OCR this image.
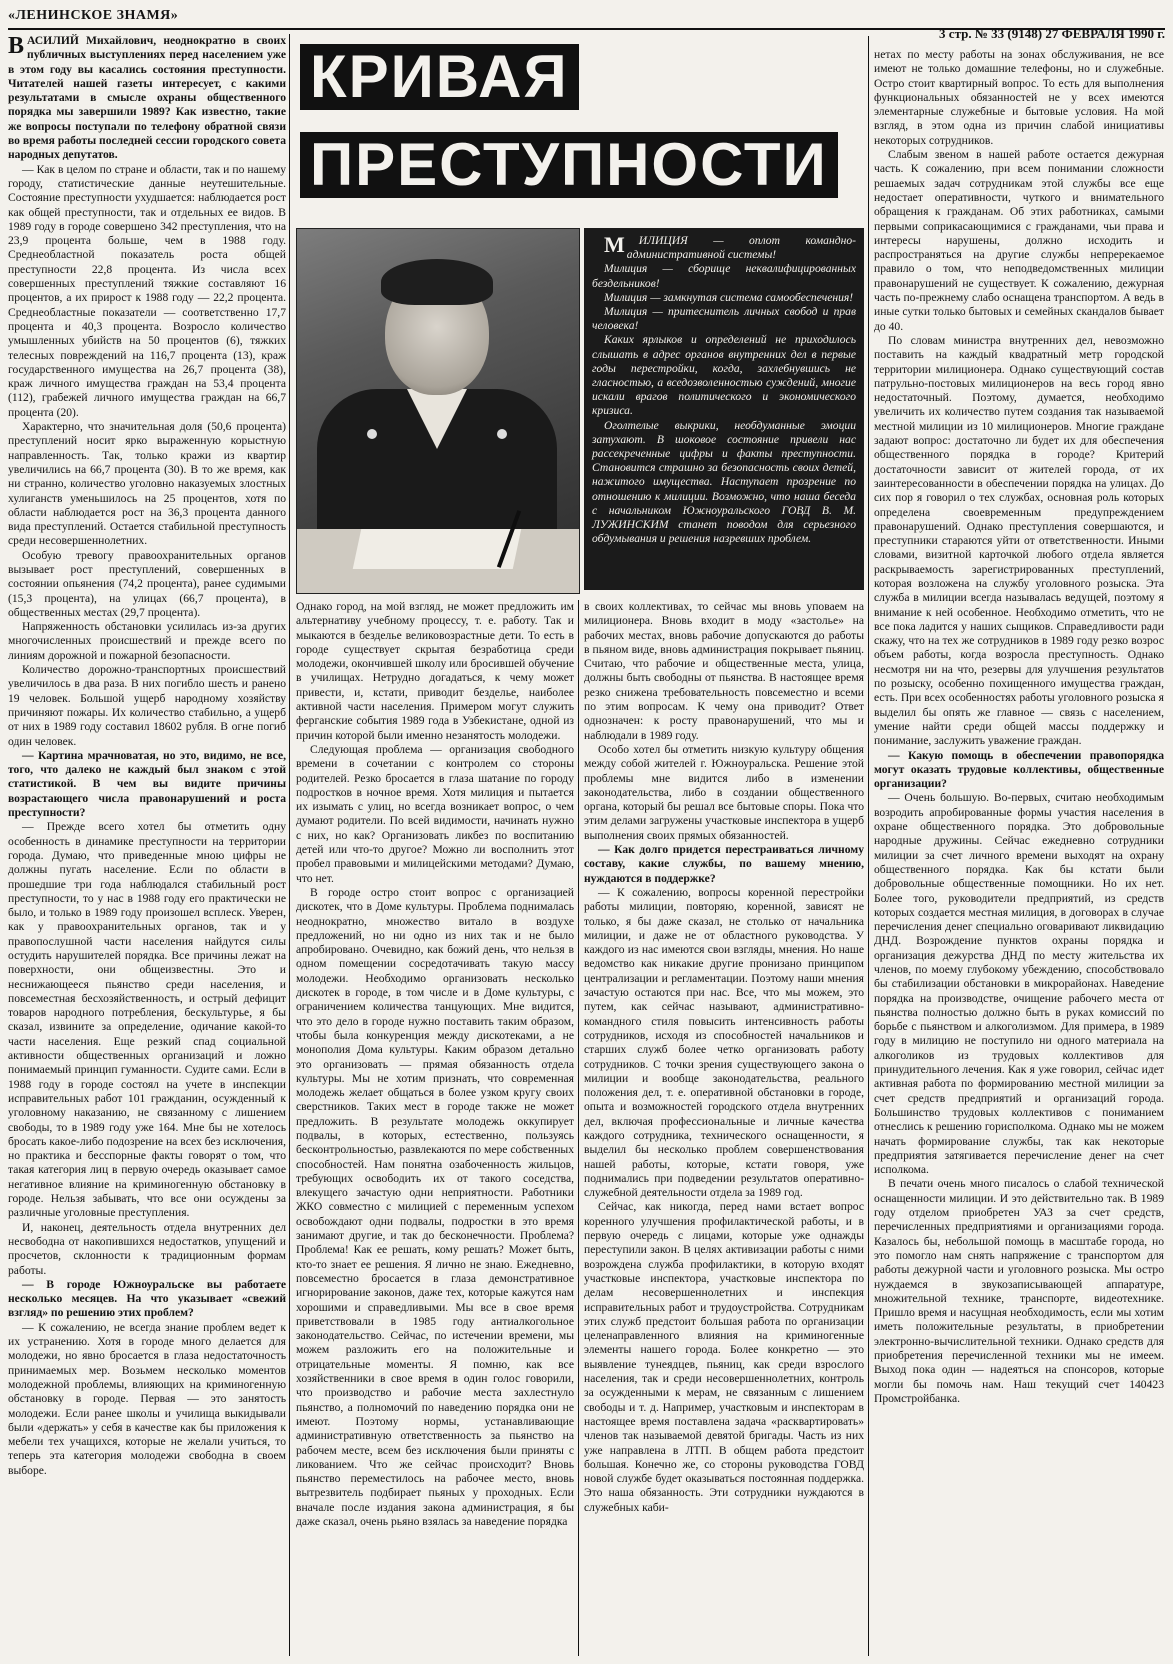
«ЛЕНИНСКОЕ ЗНАМЯ»
3 стр. № 33 (9148) 27 ФЕВРАЛЯ 1990 г.
КРИВАЯ
ПРЕСТУПНОСТИ

М ИЛИЦИЯ — оплот командно-административной системы!

Милиция — сборище неквалифицированных бездельников!

Милиция — замкнутая система самообеспечения!

Милиция — притеснитель личных свобод и прав человека!

Каких ярлыков и определений не приходилось слышать в адрес органов внутренних дел в первые годы перестройки, когда, захлебнувшись не гласностью, а вседозволенностью суждений, многие искали врагов политического и экономического кризиса.

Оголтелые выкрики, необдуманные эмоции затухают. В шоковое состояние привели нас рассекреченные цифры и факты преступности. Становится страшно за безопасность своих детей, нажитого имущества. Наступает прозрение по отношению к милиции. Возможно, что наша беседа с начальником Южноуральского ГОВД В. М. ЛУЖИНСКИМ станет поводом для серьезного обдумывания и решения назревших проблем.

ВАСИЛИЙ Михайлович, неоднократно в своих публичных выступлениях перед населением уже в этом году вы касались состояния преступности. Читателей нашей газеты интересует, с какими результатами в смысле охраны общественного порядка мы завершили 1989? Как известно, такие же вопросы поступали по телефону обратной связи во время работы последней сессии городского совета народных депутатов.

— Как в целом по стране и области, так и по нашему городу, статистические данные неутешительные. Состояние преступности ухудшается: наблюдается рост как общей преступности, так и отдельных ее видов. В 1989 году в городе совершено 342 преступления, что на 23,9 процента больше, чем в 1988 году. Среднеобластной показатель роста общей преступности 22,8 процента. Из числа всех совершенных преступлений тяжкие составляют 16 процентов, а их прирост к 1988 году — 22,2 процента. Среднеобластные показатели — соответственно 17,7 процента и 40,3 процента. Возросло количество умышленных убийств на 50 процентов (6), тяжких телесных повреждений на 116,7 процента (13), краж государственного имущества на 26,7 процента (38), краж личного имущества граждан на 53,4 процента (112), грабежей личного имущества граждан на 66,7 процента (20).

Характерно, что значительная доля (50,6 процента) преступлений носит ярко выраженную корыстную направленность. Так, только кражи из квартир увеличились на 66,7 процента (30). В то же время, как ни странно, количество уголовно наказуемых злостных хулиганств уменьшилось на 25 процентов, хотя по области наблюдается рост на 36,3 процента данного вида преступлений. Остается стабильной преступность среди несовершеннолетних.

Особую тревогу правоохранительных органов вызывает рост преступлений, совершенных в состоянии опьянения (74,2 процента), ранее судимыми (15,3 процента), на улицах (66,7 процента), в общественных местах (29,7 процента).

Напряженность обстановки усилилась из-за других многочисленных происшествий и прежде всего по линиям дорожной и пожарной безопасности.

Количество дорожно-транспортных происшествий увеличилось в два раза. В них погибло шесть и ранено 19 человек. Большой ущерб народному хозяйству причиняют пожары. Их количество стабильно, а ущерб от них в 1989 году составил 18602 рубля. В огне погиб один человек.

— Картина мрачноватая, но это, видимо, не все, того, что далеко не каждый был знаком с этой статистикой. В чем вы видите причины возрастающего числа правонарушений и роста преступности?

— Прежде всего хотел бы отметить одну особенность в динамике преступности на территории города. Думаю, что приведенные мною цифры не должны пугать население. Если по области в прошедшие три года наблюдался стабильный рост преступности, то у нас в 1988 году его практически не было, и только в 1989 году произошел всплеск. Уверен, как у правоохранительных органов, так и у правопослушной части населения найдутся силы остудить нарушителей порядка. Все причины лежат на поверхности, они общеизвестны. Это и неснижающееся пьянство среди населения, и повсеместная бесхозяйственность, и острый дефицит товаров народного потребления, бескультурье, я бы сказал, извините за определение, одичание какой-то части населения. Еще резкий спад социальной активности общественных организаций и ложно понимаемый принцип гуманности. Судите сами. Если в 1988 году в городе состоял на учете в инспекции исправительных работ 101 гражданин, осужденный к уголовному наказанию, не связанному с лишением свободы, то в 1989 году уже 164. Мне бы не хотелось бросать какое-либо подозрение на всех без исключения, но практика и бесспорные факты говорят о том, что такая категория лиц в первую очередь оказывает самое негативное влияние на криминогенную обстановку в городе. Нельзя забывать, что все они осуждены за различные уголовные преступления.

И, наконец, деятельность отдела внутренних дел несвободна от накопившихся недостатков, упущений и просчетов, склонности к традиционным формам работы.

— В городе Южноуральске вы работаете несколько месяцев. На что указывает «свежий взгляд» по решению этих проблем?

— К сожалению, не всегда знание проблем ведет к их устранению. Хотя в городе много делается для молодежи, но явно бросается в глаза недостаточность принимаемых мер. Возьмем несколько моментов молодежной проблемы, влияющих на криминогенную обстановку в городе. Первая — это занятость молодежи. Если ранее школы и училища выкидывали были «держать» у себя в качестве как бы приложения к мебели тех учащихся, которые не желали учиться, то теперь эта категория молодежи свободна в своем выборе.

Однако город, на мой взгляд, не может предложить им альтернативу учебному процессу, т. е. работу. Так и мыкаются в безделье великовозрастные дети. То есть в городе существует скрытая безработица среди молодежи, окончившей школу или бросившей обучение в училищах. Нетрудно догадаться, к чему может привести, и, кстати, приводит безделье, наиболее активной части населения. Примером могут служить ферганские события 1989 года в Узбекистане, одной из причин которой были именно незанятость молодежи.

Следующая проблема — организация свободного времени в сочетании с контролем со стороны родителей. Резко бросается в глаза шатание по городу подростков в ночное время. Хотя милиция и пытается их изымать с улиц, но всегда возникает вопрос, о чем думают родители. По всей видимости, начинать нужно с них, но как? Организовать ликбез по воспитанию детей или что-то другое? Можно ли восполнить этот пробел правовыми и милицейскими методами? Думаю, что нет.

В городе остро стоит вопрос с организацией дискотек, что в Доме культуры. Проблема поднималась неоднократно, множество витало в воздухе предложений, но ни одно из них так и не было апробировано. Очевидно, как божий день, что нельзя в одном помещении сосредотачивать такую массу молодежи. Необходимо организовать несколько дискотек в городе, в том числе и в Доме культуры, с ограничением количества танцующих. Мне видится, что это дело в городе нужно поставить таким образом, чтобы была конкуренция между дискотеками, а не монополия Дома культуры. Каким образом детально это организовать — прямая обязанность отдела культуры. Мы не хотим признать, что современная молодежь желает общаться в более узком кругу своих сверстников. Таких мест в городе также не может предложить. В результате молодежь оккупирует подвалы, в которых, естественно, пользуясь бесконтрольностью, развлекаются по мере собственных способностей. Нам понятна озабоченность жильцов, требующих освободить их от такого соседства, влекущего зачастую одни неприятности. Работники ЖКО совместно с милицией с переменным успехом освобождают одни подвалы, подростки в это время занимают другие, и так до бесконечности. Проблема? Проблема! Как ее решать, кому решать? Может быть, кто-то знает ее решения. Я лично не знаю. Ежедневно, повсеместно бросается в глаза демонстративное игнорирование законов, даже тех, которые кажутся нам хорошими и справедливыми. Мы все в свое время приветствовали в 1985 году антиалкогольное законодательство. Сейчас, по истечении времени, мы можем разложить его на положительные и отрицательные моменты. Я помню, как все хозяйственники в свое время в один голос говорили, что производство и рабочие места захлестнуло пьянство, а полномочий по наведению порядка они не имеют. Поэтому нормы, устанавливающие административную ответственность за пьянство на рабочем месте, всем без исключения были приняты с ликованием. Что же сейчас происходит? Вновь пьянство переместилось на рабочее место, вновь вытрезвитель подбирает пьяных у проходных. Если вначале после издания закона администрация, я бы даже сказал, очень рьяно взялась за наведение порядка

в своих коллективах, то сейчас мы вновь уповаем на милиционера. Вновь входит в моду «застолье» на рабочих местах, вновь рабочие допускаются до работы в пьяном виде, вновь администрация покрывает пьяниц. Считаю, что рабочие и общественные места, улица, должны быть свободны от пьянства. В настоящее время резко снижена требовательность повсеместно и всеми по этим вопросам. К чему она приводит? Ответ однозначен: к росту правонарушений, что мы и наблюдали в 1989 году.

Особо хотел бы отметить низкую культуру общения между собой жителей г. Южноуральска. Решение этой проблемы мне видится либо в изменении законодательства, либо в создании общественного органа, который бы решал все бытовые споры. Пока что этим делами загружены участковые инспектора в ущерб выполнения своих прямых обязанностей.

— Как долго придется перестраиваться личному составу, какие службы, по вашему мнению, нуждаются в поддержке?

— К сожалению, вопросы коренной перестройки работы милиции, повторяю, коренной, зависят не только, я бы даже сказал, не столько от начальника милиции, и даже не от областного руководства. У каждого из нас имеются свои взгляды, мнения. Но наше ведомство как никакие другие пронизано принципом централизации и регламентации. Поэтому наши мнения зачастую остаются при нас. Все, что мы можем, это путем, как сейчас называют, административно-командного стиля повысить интенсивность работы сотрудников, исходя из способностей начальников и старших служб более четко организовать работу сотрудников. С точки зрения существующего закона о милиции и вообще законодательства, реального положения дел, т. е. оперативной обстановки в городе, опыта и возможностей городского отдела внутренних дел, включая профессиональные и личные качества каждого сотрудника, технического оснащенности, я выделил бы несколько проблем совершенствования нашей работы, которые, кстати говоря, уже поднимались при подведении результатов оперативно-служебной деятельности отдела за 1989 год.

Сейчас, как никогда, перед нами встает вопрос коренного улучшения профилактической работы, и в первую очередь с лицами, которые уже однажды переступили закон. В целях активизации работы с ними возрождена служба профилактики, в которую входят участковые инспектора, участковые инспектора по делам несовершеннолетних и инспекция исправительных работ и трудоустройства. Сотрудникам этих служб предстоит большая работа по организации целенаправленного влияния на криминогенные элементы нашего города. Более конкретно — это выявление тунеядцев, пьяниц, как среди взрослого населения, так и среди несовершеннолетних, контроль за осужденными к мерам, не связанным с лишением свободы и т. д. Например, участковым и инспекторам в настоящее время поставлена задача «расквартировать» членов так называемой девятой бригады. Часть из них уже направлена в ЛТП. В общем работа предстоит большая. Конечно же, со стороны руководства ГОВД новой службе будет оказываться постоянная поддержка. Это наша обязанность. Эти сотрудники нуждаются в служебных каби-

нетах по месту работы на зонах обслуживания, не все имеют не только домашние телефоны, но и служебные. Остро стоит квартирный вопрос. То есть для выполнения функциональных обязанностей не у всех имеются элементарные служебные и бытовые условия. На мой взгляд, в этом одна из причин слабой инициативы некоторых сотрудников.

Слабым звеном в нашей работе остается дежурная часть. К сожалению, при всем понимании сложности решаемых задач сотрудникам этой службы все еще недостает оперативности, чуткого и внимательного обращения к гражданам. Об этих работниках, самыми первыми соприкасающимися с гражданами, чьи права и интересы нарушены, должно исходить и распространяться на другие службы непререкаемое правило о том, что неподведомственных милиции правонарушений не существует. К сожалению, дежурная часть по-прежнему слабо оснащена транспортом. А ведь в иные сутки только бытовых и семейных скандалов бывает до 40.

По словам министра внутренних дел, невозможно поставить на каждый квадратный метр городской территории милиционера. Однако существующий состав патрульно-постовых милиционеров на весь город явно недостаточный. Поэтому, думается, необходимо увеличить их количество путем создания так называемой местной милиции из 10 милиционеров. Многие граждане задают вопрос: достаточно ли будет их для обеспечения общественного порядка в городе? Критерий достаточности зависит от жителей города, от их заинтересованности в обеспечении порядка на улицах. До сих пор я говорил о тех службах, основная роль которых определена своевременным предупреждением правонарушений. Однако преступления совершаются, и преступники стараются уйти от ответственности. Иными словами, визитной карточкой любого отдела является раскрываемость зарегистрированных преступлений, которая возложена на службу уголовного розыска. Эта служба в милиции всегда называлась ведущей, поэтому я внимание к ней особенное. Необходимо отметить, что не все пока ладится у наших сыщиков. Справедливости ради скажу, что на тех же сотрудников в 1989 году резко возрос объем работы, когда возросла преступность. Однако несмотря ни на что, резервы для улучшения результатов по розыску, особенно похищенного имущества граждан, есть. При всех особенностях работы уголовного розыска я выделил бы опять же главное — связь с населением, умение найти среди общей массы поддержку и понимание, заслужить уважение граждан.

— Какую помощь в обеспечении правопорядка могут оказать трудовые коллективы, общественные организации?

— Очень большую. Во-первых, считаю необходимым возродить апробированные формы участия населения в охране общественного порядка. Это добровольные народные дружины. Сейчас ежедневно сотрудники милиции за счет личного времени выходят на охрану общественного порядка. Как бы кстати были добровольные общественные помощники. Но их нет. Более того, руководители предприятий, из средств которых создается местная милиция, в договорах в случае перечисления денег специально оговаривают ликвидацию ДНД. Возрождение пунктов охраны порядка и организация дежурства ДНД по месту жительства их членов, по моему глубокому убеждению, способствовало бы стабилизации обстановки в микрорайонах. Наведение порядка на производстве, очищение рабочего места от пьянства полностью должно быть в руках комиссий по борьбе с пьянством и алкоголизмом. Для примера, в 1989 году в милицию не поступило ни одного материала на алкоголиков из трудовых коллективов для принудительного лечения. Как я уже говорил, сейчас идет активная работа по формированию местной милиции за счет средств предприятий и организаций города. Большинство трудовых коллективов с пониманием отнеслись к решению горисполкома. Однако мы не можем начать формирование службы, так как некоторые предприятия затягивается перечисление денег на счет исполкома.

В печати очень много писалось о слабой технической оснащенности милиции. И это действительно так. В 1989 году отделом приобретен УАЗ за счет средств, перечисленных предприятиями и организациями города. Казалось бы, небольшой помощь в масштабе города, но это помогло нам снять напряжение с транспортом для работы дежурной части и уголовного розыска. Мы остро нуждаемся в звукозаписывающей аппаратуре, множительной технике, транспорте, видеотехнике. Пришло время и насущная необходимость, если мы хотим иметь положительные результаты, в приобретении электронно-вычислительной техники. Однако средств для приобретения перечисленной техники мы не имеем. Выход пока один — надеяться на спонсоров, которые могли бы помочь нам. Наш текущий счет 140423 Промстройбанка.
